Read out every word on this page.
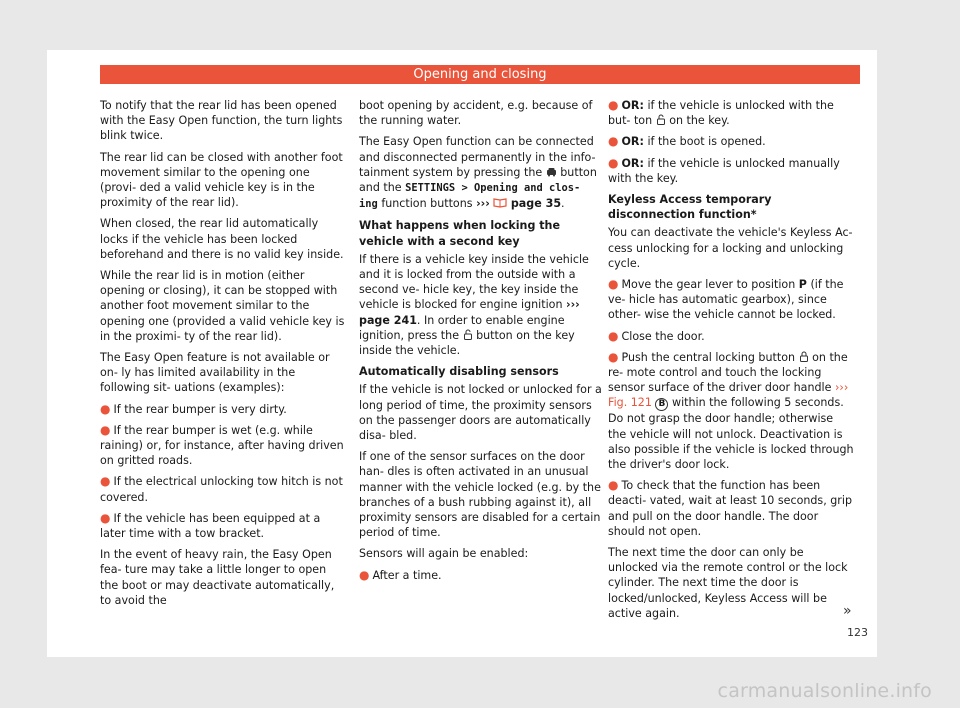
Opening and closing

To notify that the rear lid has been opened with the Easy Open function, the turn lights blink twice.

The rear lid can be closed with another foot movement similar to the opening one (provi- ded a valid vehicle key is in the proximity of the rear lid).

When closed, the rear lid automatically locks if the vehicle has been locked beforehand and there is no valid key inside.

While the rear lid is in motion (either opening or closing), it can be stopped with another foot movement similar to the opening one (provided a valid vehicle key is in the proximi- ty of the rear lid).

The Easy Open feature is not available or on- ly has limited availability in the following sit- uations (examples):

● If the rear bumper is very dirty.

● If the rear bumper is wet (e.g. while raining) or, for instance, after having driven on gritted roads.

● If the electrical unlocking tow hitch is not covered.

● If the vehicle has been equipped at a later time with a tow bracket.

In the event of heavy rain, the Easy Open fea- ture may take a little longer to open the boot or may deactivate automatically, to avoid the

boot opening by accident, e.g. because of the running water.

The Easy Open function can be connected and disconnected permanently in the info- tainment system by pressing the button and the SETTINGS > Opening and clos- ing function buttons ››› page 35.

What happens when locking the vehicle with a second key

If there is a vehicle key inside the vehicle and it is locked from the outside with a second ve- hicle key, the key inside the vehicle is blocked for engine ignition ››› page 241. In order to enable engine ignition, press the button on the key inside the vehicle.

Automatically disabling sensors

If the vehicle is not locked or unlocked for a long period of time, the proximity sensors on the passenger doors are automatically disa- bled.

If one of the sensor surfaces on the door han- dles is often activated in an unusual manner with the vehicle locked (e.g. by the branches of a bush rubbing against it), all proximity sensors are disabled for a certain period of time.

Sensors will again be enabled:

● After a time.

● OR: if the vehicle is unlocked with the but- ton on the key.

● OR: if the boot is opened.

● OR: if the vehicle is unlocked manually with the key.

Keyless Access temporary disconnection function*

You can deactivate the vehicle's Keyless Ac- cess unlocking for a locking and unlocking cycle.

● Move the gear lever to position P (if the ve- hicle has automatic gearbox), since other- wise the vehicle cannot be locked.

● Close the door.

● Push the central locking button on the re- mote control and touch the locking sensor surface of the driver door handle ››› Fig. 121 B within the following 5 seconds. Do not grasp the door handle; otherwise the vehicle will not unlock. Deactivation is also possible if the vehicle is locked through the driver's door lock.

● To check that the function has been deacti- vated, wait at least 10 seconds, grip and pull on the door handle. The door should not open.

The next time the door can only be unlocked via the remote control or the lock cylinder. The next time the door is locked/unlocked, Keyless Access will be active again.	»
123
carmanualsonline.info
